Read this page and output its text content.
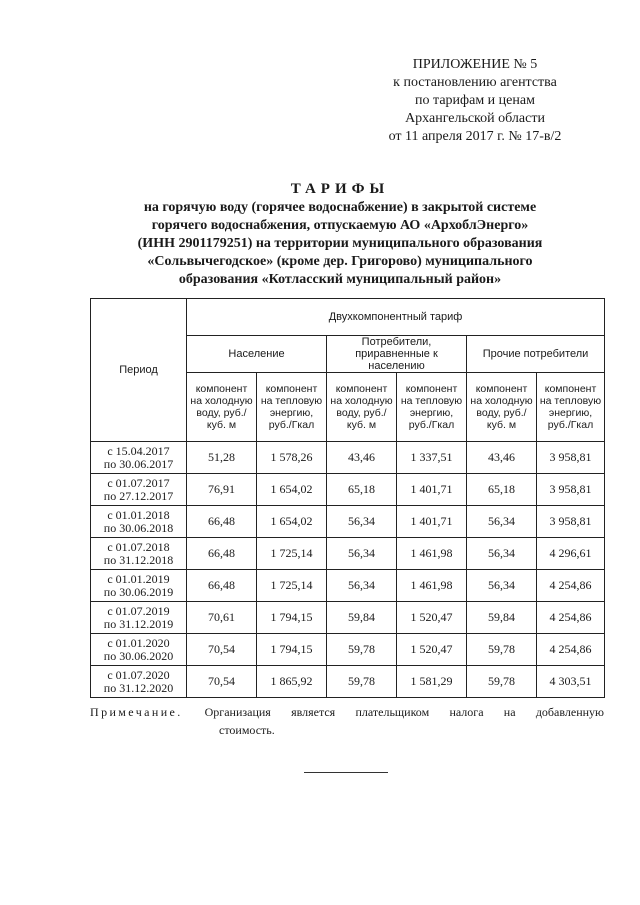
ПРИЛОЖЕНИЕ № 5
к постановлению агентства
по тарифам и ценам
Архангельской области
от 11 апреля 2017 г. № 17-в/2
ТАРИФЫ
на горячую воду (горячее водоснабжение) в закрытой системе
горячего водоснабжения, отпускаемую АО «АрхоблЭнерго»
(ИНН 2901179251) на территории муниципального образования
«Сольвычегодское» (кроме дер. Григорово) муниципального
образования «Котласский муниципальный район»
Период	Двухкомпонентный тариф					
	Население		Потребители, приравненные к населению		Прочие потребители	
	компонент на холодную воду, руб./куб. м	компонент на тепловую энергию, руб./Гкал	компонент на холодную воду, руб./куб. м	компонент на тепловую энергию, руб./Гкал	компонент на холодную воду, руб./куб. м	компонент на тепловую энергию, руб./Гкал

с 15.04.2017
по 30.06.2017	51,28	1 578,26	43,46	1 337,51	43,46	3 958,81

с 01.07.2017
по 27.12.2017	76,91	1 654,02	65,18	1 401,71	65,18	3 958,81

с 01.01.2018
по 30.06.2018	66,48	1 654,02	56,34	1 401,71	56,34	3 958,81

с 01.07.2018
по 31.12.2018	66,48	1 725,14	56,34	1 461,98	56,34	4 296,61

с 01.01.2019
по 30.06.2019	66,48	1 725,14	56,34	1 461,98	56,34	4 254,86

с 01.07.2019
по 31.12.2019	70,61	1 794,15	59,84	1 520,47	59,84	4 254,86

с 01.01.2020
по 30.06.2020	70,54	1 794,15	59,78	1 520,47	59,78	4 254,86

с 01.07.2020
по 31.12.2020	70,54	1 865,92	59,78	1 581,29	59,78	4 303,51
Примечание. Организация является плательщиком налога на добавленную
стоимость.
